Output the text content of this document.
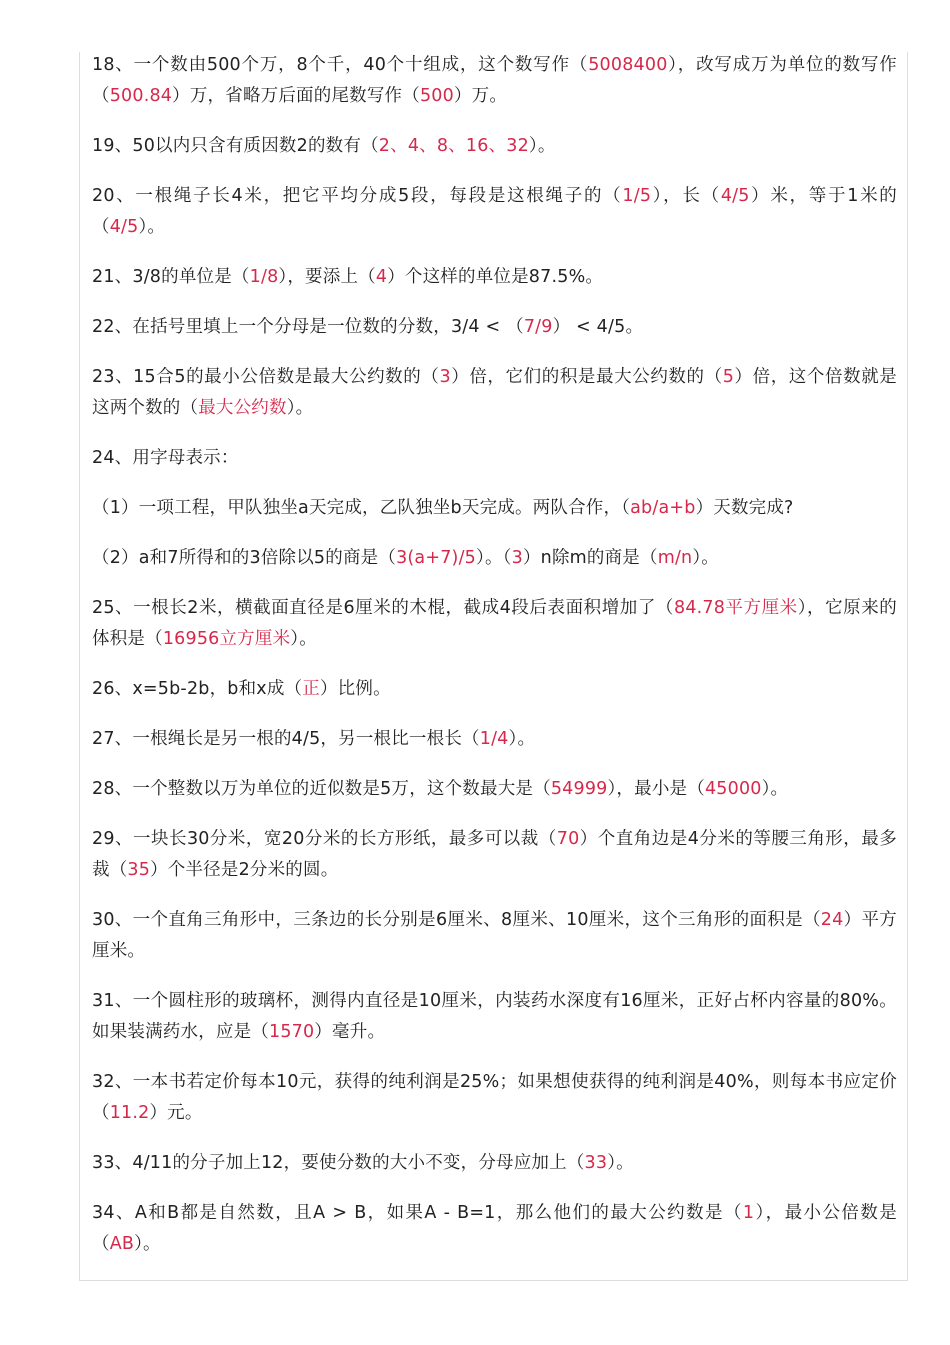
18、一个数由500个万，8个千，40个十组成，这个数写作（5008400），改写成万为单位的数写作（500.84）万，省略万后面的尾数写作（500）万。

19、50以内只含有质因数2的数有（2、4、8、16、32）。

20、一根绳子长4米，把它平均分成5段，每段是这根绳子的（1/5），长（4/5）米，等于1米的（4/5）。

21、3/8的单位是（1/8），要添上（4）个这样的单位是87.5%。

22、在括号里填上一个分母是一位数的分数，3/4 < （7/9） < 4/5。

23、15合5的最小公倍数是最大公约数的（3）倍，它们的积是最大公约数的（5）倍，这个倍数就是这两个数的（最大公约数）。

24、用字母表示：

（1）一项工程，甲队独坐a天完成，乙队独坐b天完成。两队合作，（ab/a+b）天数完成?

（2）a和7所得和的3倍除以5的商是（3(a+7)/5）。（3）n除m的商是（m/n）。

25、一根长2米，横截面直径是6厘米的木棍，截成4段后表面积增加了（84.78平方厘米），它原来的体积是（16956立方厘米）。

26、x=5b-2b，b和x成（正）比例。

27、一根绳长是另一根的4/5，另一根比一根长（1/4）。

28、一个整数以万为单位的近似数是5万，这个数最大是（54999），最小是（45000）。

29、一块长30分米，宽20分米的长方形纸，最多可以裁（70）个直角边是4分米的等腰三角形，最多裁（35）个半径是2分米的圆。

30、一个直角三角形中，三条边的长分别是6厘米、8厘米、10厘米，这个三角形的面积是（24）平方厘米。

31、一个圆柱形的玻璃杯，测得内直径是10厘米，内装药水深度有16厘米，正好占杯内容量的80%。如果装满药水，应是（1570）毫升。

32、一本书若定价每本10元，获得的纯利润是25%；如果想使获得的纯利润是40%，则每本书应定价（11.2）元。

33、4/11的分子加上12，要使分数的大小不变，分母应加上（33）。

34、A和B都是自然数，且A > B，如果A - B=1，那么他们的最大公约数是（1），最小公倍数是（AB）。
